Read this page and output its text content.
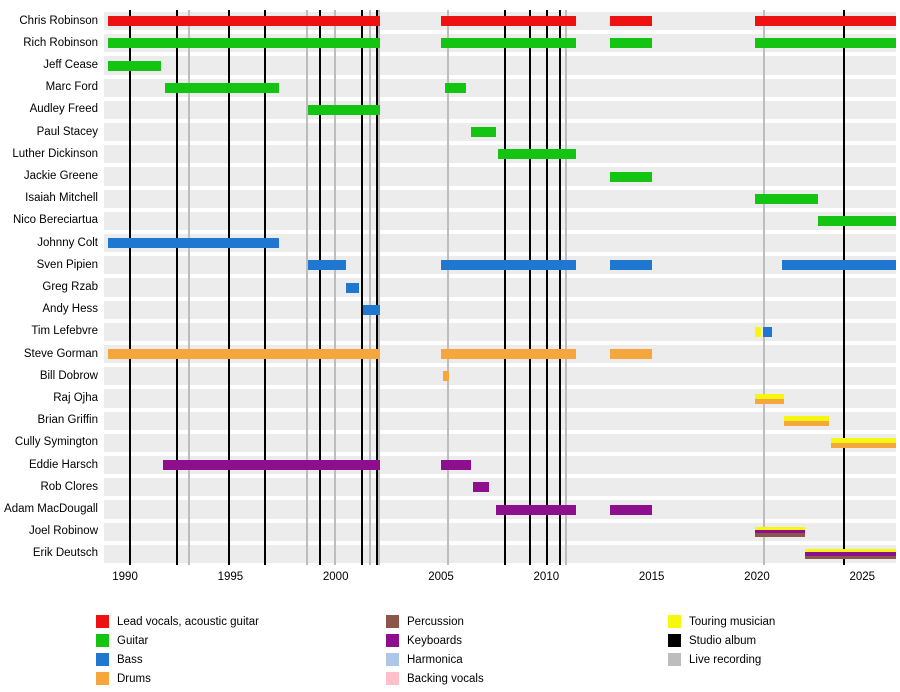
Chris Robinson
Rich Robinson
Jeff Cease
Marc Ford
Audley Freed
Paul Stacey
Luther Dickinson
Jackie Greene
Isaiah Mitchell
Nico Bereciartua
Johnny Colt
Sven Pipien
Greg Rzab
Andy Hess
Tim Lefebvre
Steve Gorman
Bill Dobrow
Raj Ojha
Brian Griffin
Cully Symington
Eddie Harsch
Rob Clores
Adam MacDougall
Joel Robinow
Erik Deutsch
1990	1995	2000	2005	2010	2015	2020	2025
Lead vocals, acoustic guitar
Guitar
Bass
Drums
Percussion
Keyboards
Harmonica
Backing vocals
Touring musician
Studio album
Live recording
